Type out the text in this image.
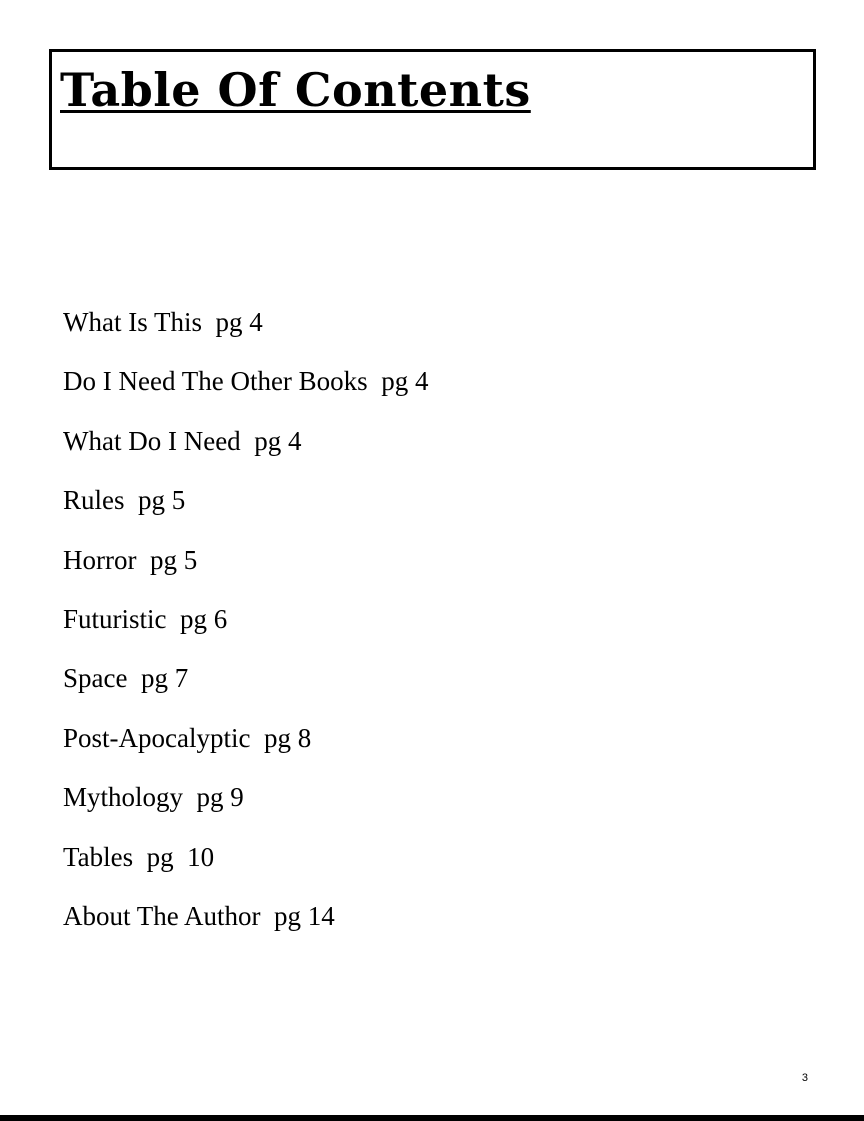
Table Of Contents
What Is This pg 4
Do I Need The Other Books pg 4
What Do I Need pg 4
Rules pg 5
Horror pg 5
Futuristic pg 6
Space pg 7
Post-Apocalyptic pg 8
Mythology pg 9
Tables pg  10
About The Author pg 14
3
